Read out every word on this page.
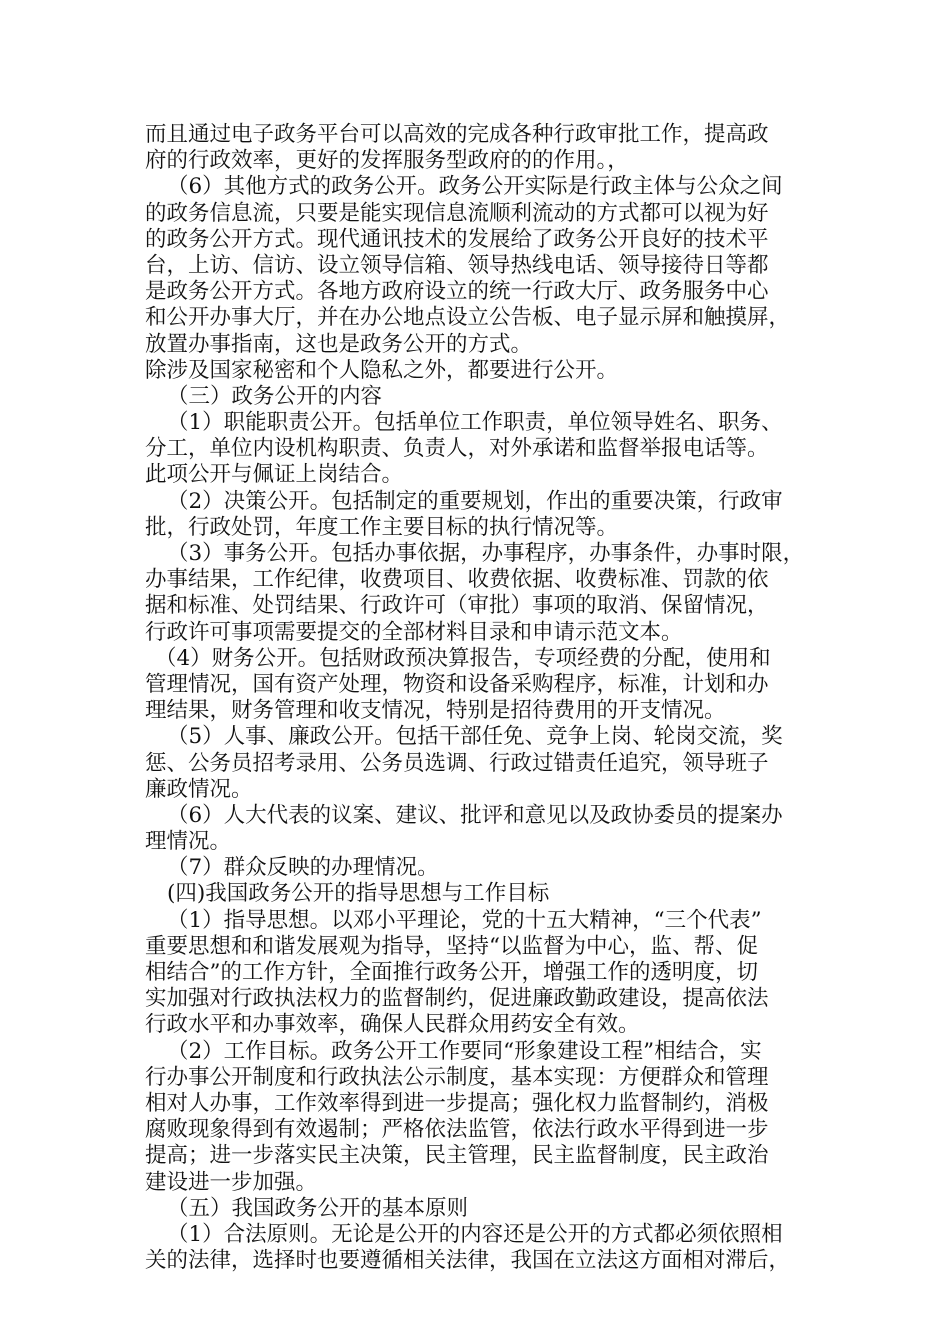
而且通过电子政务平台可以高效的完成各种行政审批工作，提高政
府的行政效率，更好的发挥服务型政府的的作用。，
（6）其他方式的政务公开。政务公开实际是行政主体与公众之间
的政务信息流，只要是能实现信息流顺利流动的方式都可以视为好
的政务公开方式。现代通讯技术的发展给了政务公开良好的技术平
台，上访、信访、设立领导信箱、领导热线电话、领导接待日等都
是政务公开方式。各地方政府设立的统一行政大厅、政务服务中心
和公开办事大厅，并在办公地点设立公告板、电子显示屏和触摸屏，
放置办事指南，这也是政务公开的方式。
除涉及国家秘密和个人隐私之外，都要进行公开。
（三）政务公开的内容
（1）职能职责公开。包括单位工作职责，单位领导姓名、职务、
分工，单位内设机构职责、负责人，对外承诺和监督举报电话等。
此项公开与佩证上岗结合。
（2）决策公开。包括制定的重要规划，作出的重要决策，行政审
批，行政处罚，年度工作主要目标的执行情况等。
（3）事务公开。包括办事依据，办事程序，办事条件，办事时限，
办事结果，工作纪律，收费项目、收费依据、收费标准、罚款的依
据和标准、处罚结果、行政许可（审批）事项的取消、保留情况，
行政许可事项需要提交的全部材料目录和申请示范文本。
（4）财务公开。包括财政预决算报告，专项经费的分配，使用和
管理情况，国有资产处理，物资和设备采购程序，标准，计划和办
理结果，财务管理和收支情况，特别是招待费用的开支情况。
（5）人事、廉政公开。包括干部任免、竞争上岗、轮岗交流，奖
惩、公务员招考录用、公务员选调、行政过错责任追究，领导班子
廉政情况。
（6）人大代表的议案、建议、批评和意见以及政协委员的提案办
理情况。
（7）群众反映的办理情况。
(四)我国政务公开的指导思想与工作目标
（1）指导思想。以邓小平理论，党的十五大精神，“三个代表”
重要思想和和谐发展观为指导，坚持“以监督为中心，监、帮、促
相结合”的工作方针，全面推行政务公开，增强工作的透明度，切
实加强对行政执法权力的监督制约，促进廉政勤政建设，提高依法
行政水平和办事效率，确保人民群众用药安全有效。
（2）工作目标。政务公开工作要同“形象建设工程”相结合，实
行办事公开制度和行政执法公示制度，基本实现：方便群众和管理
相对人办事，工作效率得到进一步提高；强化权力监督制约，消极
腐败现象得到有效遏制；严格依法监管，依法行政水平得到进一步
提高；进一步落实民主决策，民主管理，民主监督制度，民主政治
建设进一步加强。
（五）我国政务公开的基本原则
（1）合法原则。无论是公开的内容还是公开的方式都必须依照相
关的法律，选择时也要遵循相关法律，我国在立法这方面相对滞后，
